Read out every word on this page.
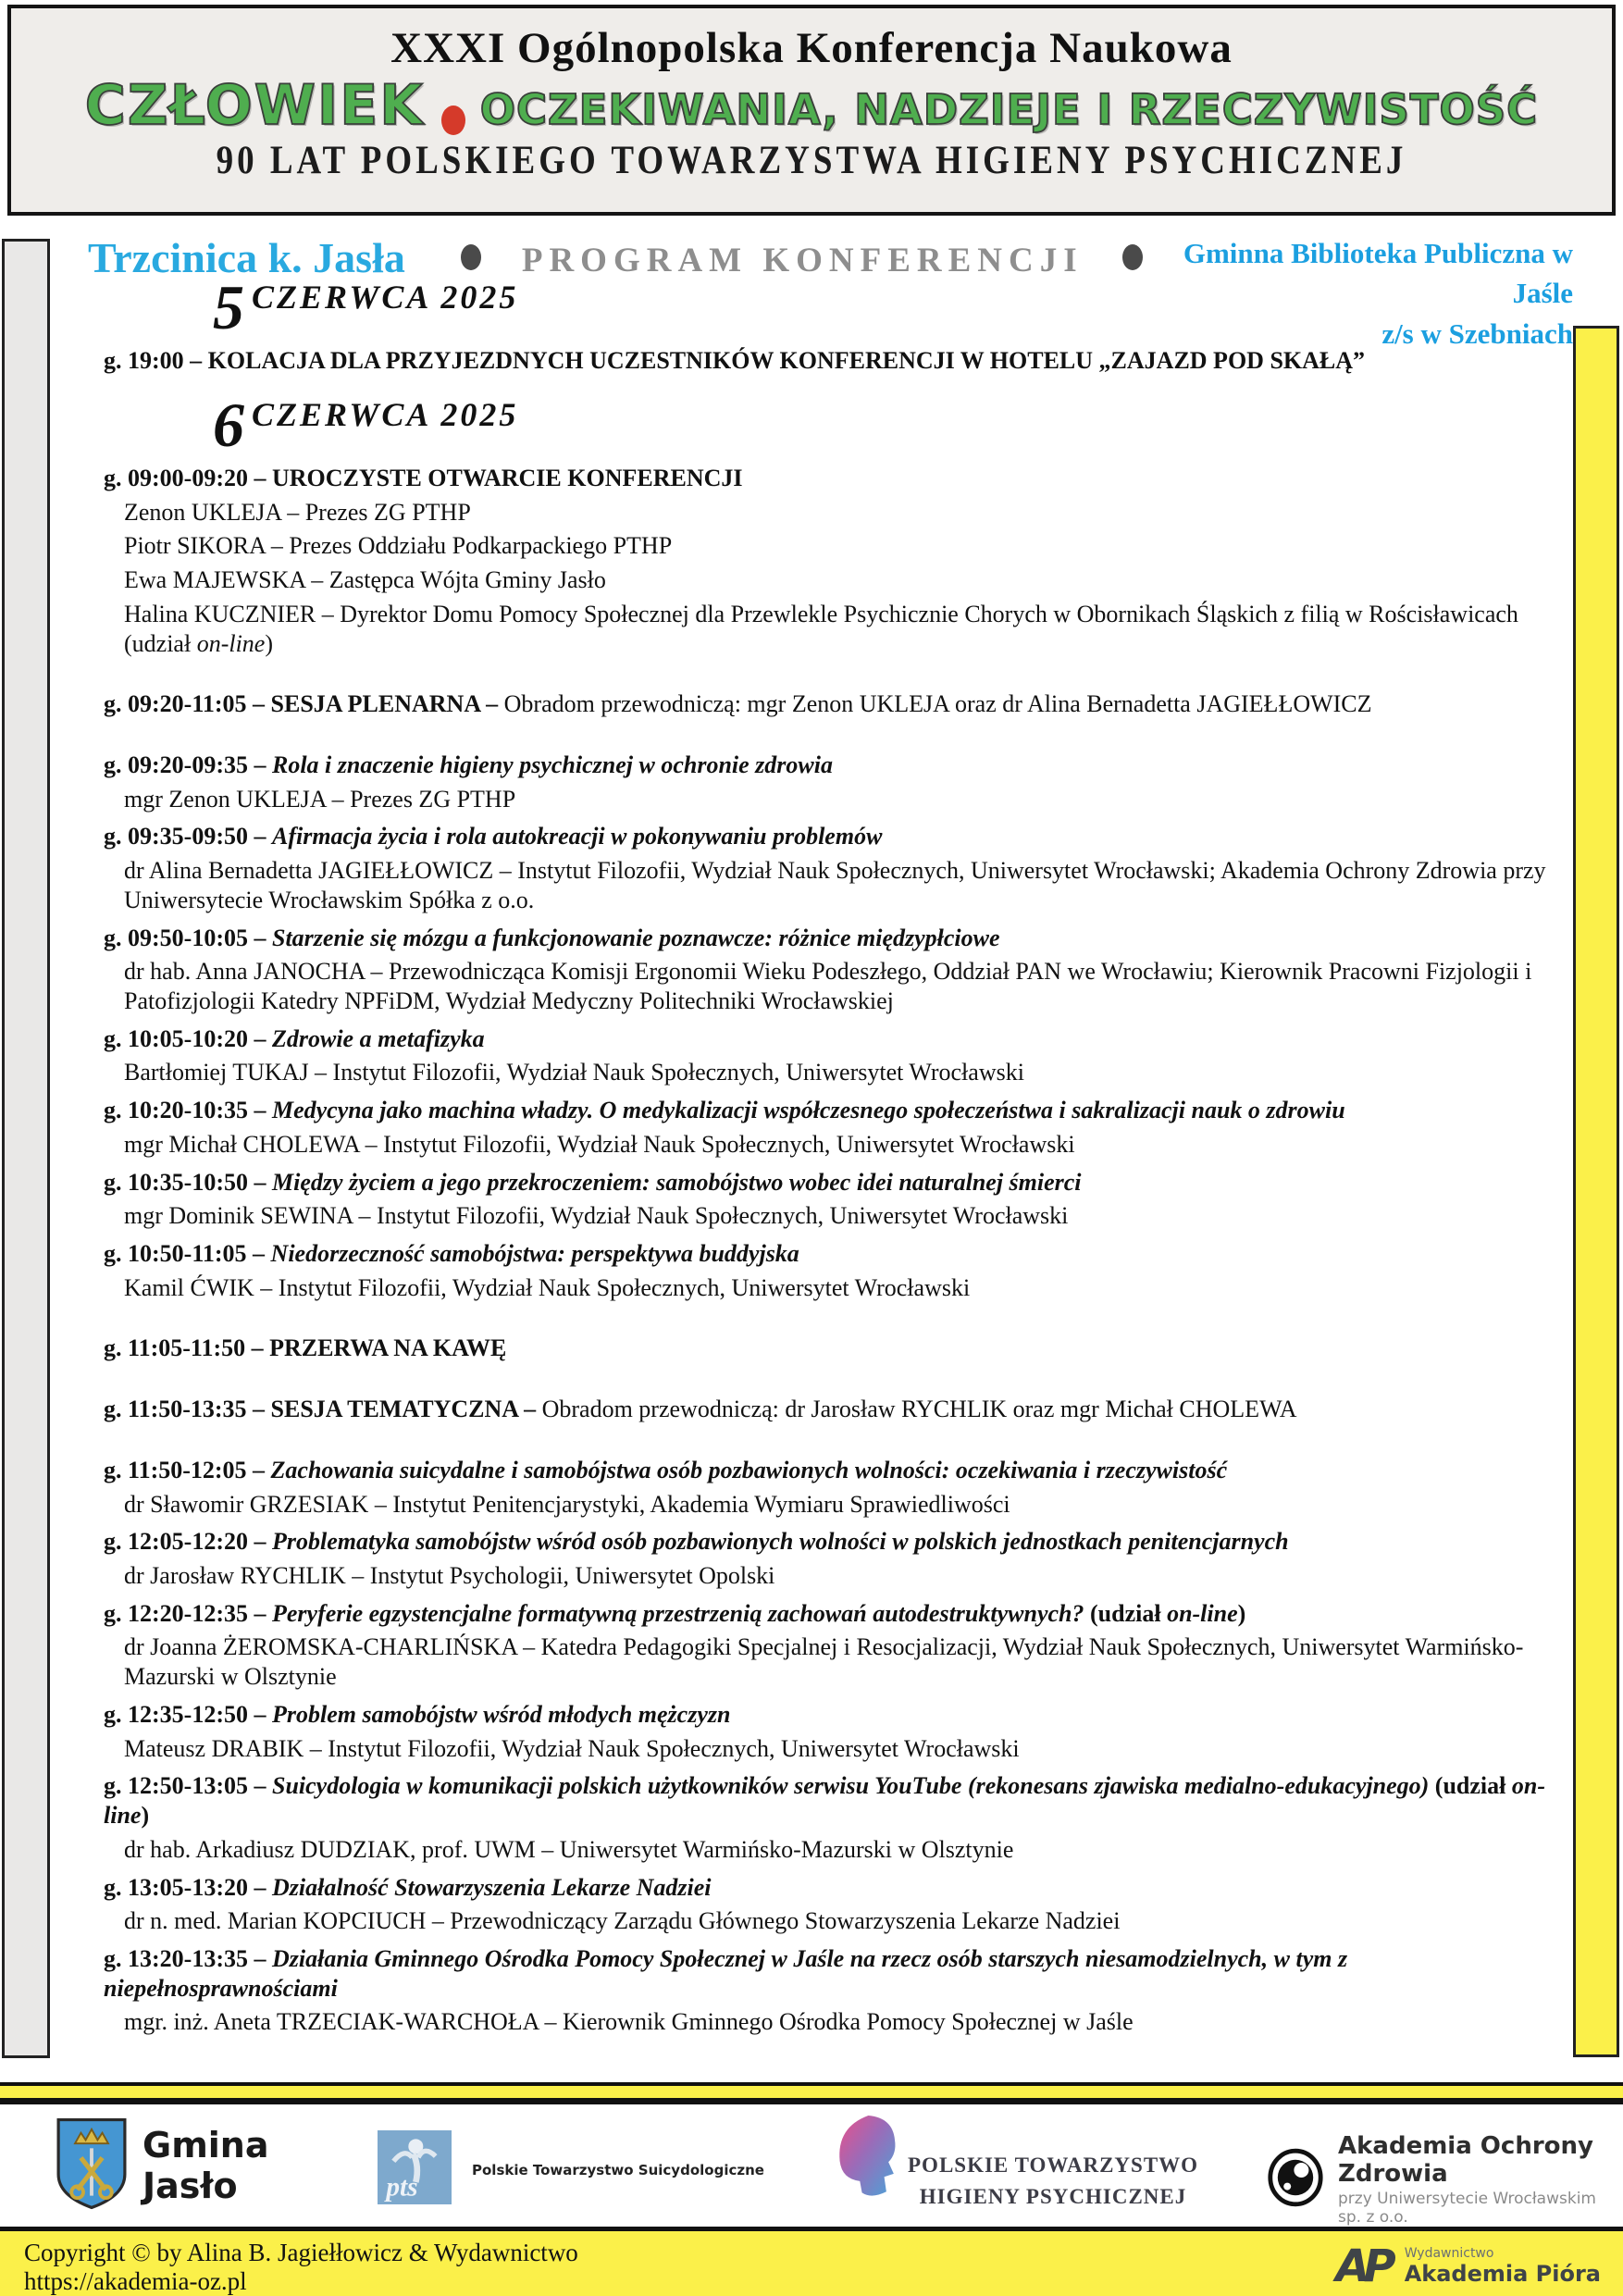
XXXI Ogólnopolska Konferencja Naukowa
CZŁOWIEK OCZEKIWANIA, NADZIEJE I RZECZYWISTOŚĆ
90 LAT POLSKIEGO TOWARZYSTWA HIGIENY PSYCHICZNEJ
Trzcinica k. Jasła	PROGRAM KONFERENCJI	Gminna Biblioteka Publiczna w Jaśle
z/s w Szebniach
5 CZERWCA 2025
g. 19:00 – KOLACJA DLA PRZYJEZDNYCH UCZESTNIKÓW KONFERENCJI W HOTELU „ZAJAZD POD SKAŁĄ”
6 CZERWCA 2025
g. 09:00-09:20 – UROCZYSTE OTWARCIE KONFERENCJI
Zenon UKLEJA – Prezes ZG PTHP
Piotr SIKORA – Prezes Oddziału Podkarpackiego PTHP
Ewa MAJEWSKA – Zastępca Wójta Gminy Jasło
Halina KUCZNIER – Dyrektor Domu Pomocy Społecznej dla Przewlekle Psychicznie Chorych w Obornikach Śląskich z filią w Rościsławicach (udział on-line)
g. 09:20-11:05 – SESJA PLENARNA – Obradom przewodniczą: mgr Zenon UKLEJA oraz dr Alina Bernadetta JAGIEŁŁOWICZ
g. 09:20-09:35 – Rola i znaczenie higieny psychicznej w ochronie zdrowia
mgr Zenon UKLEJA – Prezes ZG PTHP
g. 09:35-09:50 – Afirmacja życia i rola autokreacji w pokonywaniu problemów
dr Alina Bernadetta JAGIEŁŁOWICZ – Instytut Filozofii, Wydział Nauk Społecznych, Uniwersytet Wrocławski; Akademia Ochrony Zdrowia przy Uniwersytecie Wrocławskim Spółka z o.o.
g. 09:50-10:05 – Starzenie się mózgu a funkcjonowanie poznawcze: różnice międzypłciowe
dr hab. Anna JANOCHA – Przewodnicząca Komisji Ergonomii Wieku Podeszłego, Oddział PAN we Wrocławiu; Kierownik Pracowni Fizjologii i Patofizjologii Katedry NPFiDM, Wydział Medyczny Politechniki Wrocławskiej
g. 10:05-10:20 – Zdrowie a metafizyka
Bartłomiej TUKAJ – Instytut Filozofii, Wydział Nauk Społecznych, Uniwersytet Wrocławski
g. 10:20-10:35 – Medycyna jako machina władzy. O medykalizacji współczesnego społeczeństwa i sakralizacji nauk o zdrowiu
mgr Michał CHOLEWA – Instytut Filozofii, Wydział Nauk Społecznych, Uniwersytet Wrocławski
g. 10:35-10:50 – Między życiem a jego przekroczeniem: samobójstwo wobec idei naturalnej śmierci
mgr Dominik SEWINA – Instytut Filozofii, Wydział Nauk Społecznych, Uniwersytet Wrocławski
g. 10:50-11:05 – Niedorzeczność samobójstwa: perspektywa buddyjska
Kamil ĆWIK – Instytut Filozofii, Wydział Nauk Społecznych, Uniwersytet Wrocławski
g. 11:05-11:50 – PRZERWA NA KAWĘ
g. 11:50-13:35 – SESJA TEMATYCZNA – Obradom przewodniczą: dr Jarosław RYCHLIK oraz mgr Michał CHOLEWA
g. 11:50-12:05 – Zachowania suicydalne i samobójstwa osób pozbawionych wolności: oczekiwania i rzeczywistość
dr Sławomir GRZESIAK – Instytut Penitencjarystyki, Akademia Wymiaru Sprawiedliwości
g. 12:05-12:20 – Problematyka samobójstw wśród osób pozbawionych wolności w polskich jednostkach penitencjarnych
dr Jarosław RYCHLIK – Instytut Psychologii, Uniwersytet Opolski
g. 12:20-12:35 – Peryferie egzystencjalne formatywną przestrzenią zachowań autodestruktywnych? (udział on-line)
dr Joanna ŻEROMSKA-CHARLIŃSKA – Katedra Pedagogiki Specjalnej i Resocjalizacji, Wydział Nauk Społecznych, Uniwersytet Warmińsko-Mazurski w Olsztynie
g. 12:35-12:50 – Problem samobójstw wśród młodych mężczyzn
Mateusz DRABIK – Instytut Filozofii, Wydział Nauk Społecznych, Uniwersytet Wrocławski
g. 12:50-13:05 – Suicydologia w komunikacji polskich użytkowników serwisu YouTube (rekonesans zjawiska medialno-edukacyjnego) (udział on-line)
dr hab. Arkadiusz DUDZIAK, prof. UWM – Uniwersytet Warmińsko-Mazurski w Olsztynie
g. 13:05-13:20 – Działalność Stowarzyszenia Lekarze Nadziei
dr n. med. Marian KOPCIUCH – Przewodniczący Zarządu Głównego Stowarzyszenia Lekarze Nadziei
g. 13:20-13:35 – Działania Gminnego Ośrodka Pomocy Społecznej w Jaśle na rzecz osób starszych niesamodzielnych, w tym z niepełnosprawnościami
mgr. inż. Aneta TRZECIAK-WARCHOŁA – Kierownik Gminnego Ośrodka Pomocy Społecznej w Jaśle
Gmina
Jasło	pts
Polskie Towarzystwo Suicydologiczne	POLSKIE TOWARZYSTWO
HIGIENY PSYCHICZNEJ
Akademia Ochrony Zdrowia
przy Uniwersytecie Wrocławskim sp. z o.o.
Copyright © by Alina B. Jagiełłowicz & Wydawnictwo
https://akademia-oz.pl	AP Wydawnictwo
Akademia Pióra
